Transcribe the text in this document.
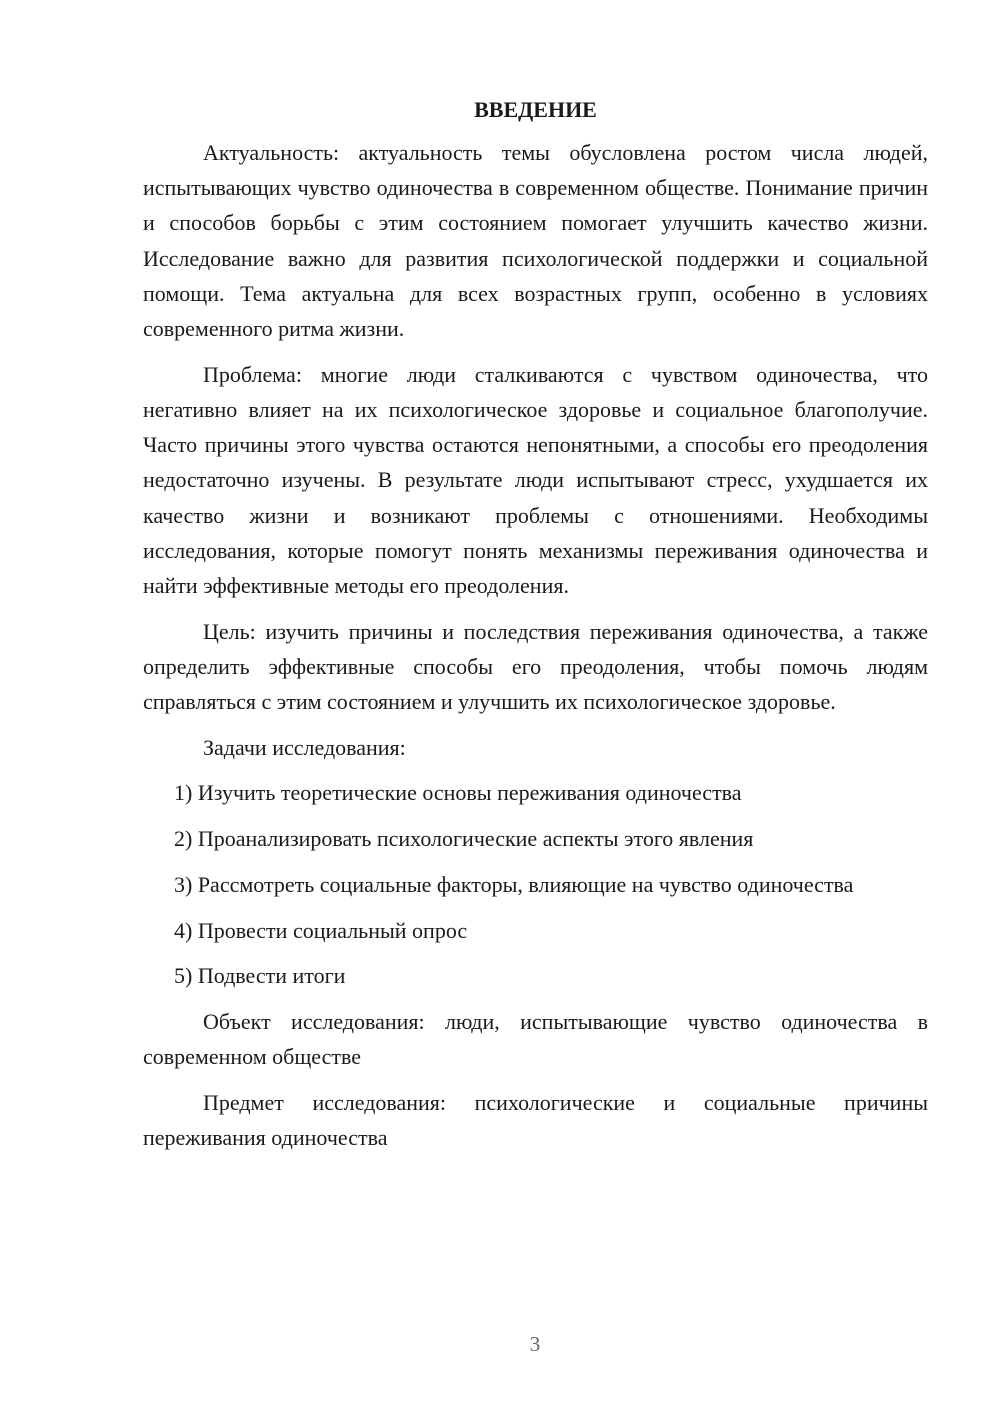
ВВЕДЕНИЕ

Актуальность: актуальность темы обусловлена ростом числа людей, испытывающих чувство одиночества в современном обществе. Понимание причин и способов борьбы с этим состоянием помогает улучшить качество жизни. Исследование важно для развития психологической поддержки и социальной помощи. Тема актуальна для всех возрастных групп, особенно в условиях современного ритма жизни.

Проблема: многие люди сталкиваются с чувством одиночества, что негативно влияет на их психологическое здоровье и социальное благополучие. Часто причины этого чувства остаются непонятными, а способы его преодоления недостаточно изучены. В результате люди испытывают стресс, ухудшается их качество жизни и возникают проблемы с отношениями. Необходимы исследования, которые помогут понять механизмы переживания одиночества и найти эффективные методы его преодоления.

Цель: изучить причины и последствия переживания одиночества, а также определить эффективные способы его преодоления, чтобы помочь людям справляться с этим состоянием и улучшить их психологическое здоровье.

Задачи исследования:

1) Изучить теоретические основы переживания одиночества

2) Проанализировать психологические аспекты этого явления

3) Рассмотреть социальные факторы, влияющие на чувство одиночества

4) Провести социальный опрос

5) Подвести итоги

Объект исследования: люди, испытывающие чувство одиночества в современном обществе

Предмет исследования: психологические и социальные причины переживания одиночества

3
